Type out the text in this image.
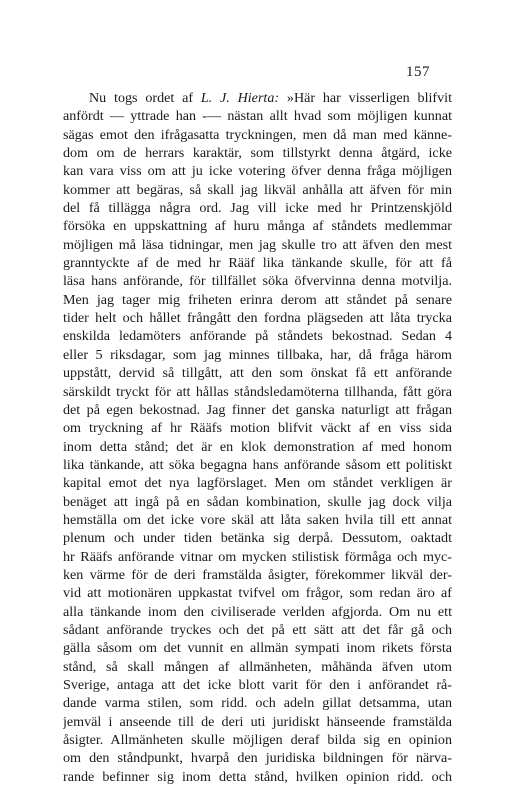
157
Nu togs ordet af L. J. Hierta: »Här har visserligen blifvit
anfördt — yttrade han -— nästan allt hvad som möjligen kunnat
sägas emot den ifrågasatta tryckningen, men då man med känne-
dom om de herrars karaktär, som tillstyrkt denna åtgärd, icke
kan vara viss om att ju icke votering öfver denna fråga möjligen
kommer att begäras, så skall jag likväl anhålla att äfven för min
del få tillägga några ord. Jag vill icke med hr Printzenskjöld
försöka en uppskattning af huru många af ståndets medlemmar
möjligen må läsa tidningar, men jag skulle tro att äfven den mest
granntyckte af de med hr Rääf lika tänkande skulle, för att få
läsa hans anförande, för tillfället söka öfvervinna denna motvilja.
Men jag tager mig friheten erinra derom att ståndet på senare
tider helt och hållet frångått den fordna plägseden att låta trycka
enskilda ledamöters anförande på ståndets bekostnad. Sedan 4
eller 5 riksdagar, som jag minnes tillbaka, har, då fråga härom
uppstått, dervid så tillgått, att den som önskat få ett anförande
särskildt tryckt för att hållas ståndsledamöterna tillhanda, fått göra
det på egen bekostnad. Jag finner det ganska naturligt att frågan
om tryckning af hr Rääfs motion blifvit väckt af en viss sida
inom detta stånd; det är en klok demonstration af med honom
lika tänkande, att söka begagna hans anförande såsom ett politiskt
kapital emot det nya lagförslaget. Men om ståndet verkligen är
benäget att ingå på en sådan kombination, skulle jag dock vilja
hemställa om det icke vore skäl att låta saken hvila till ett annat
plenum och under tiden betänka sig derpå. Dessutom, oaktadt
hr Rääfs anförande vitnar om mycken stilistisk förmåga och myc-
ken värme för de deri framstälda åsigter, förekommer likväl der-
vid att motionären uppkastat tvifvel om frågor, som redan äro af
alla tänkande inom den civiliserade verlden afgjorda. Om nu ett
sådant anförande tryckes och det på ett sätt att det får gå och
gälla såsom om det vunnit en allmän sympati inom rikets första
stånd, så skall mången af allmänheten, måhända äfven utom
Sverige, antaga att det icke blott varit för den i anförandet rå-
dande varma stilen, som ridd. och adeln gillat detsamma, utan
jemväl i anseende till de deri uti juridiskt hänseende framstälda
åsigter. Allmänheten skulle möjligen deraf bilda sig en opinion
om den ståndpunkt, hvarpå den juridiska bildningen för närva-
rande befinner sig inom detta stånd, hvilken opinion ridd. och
